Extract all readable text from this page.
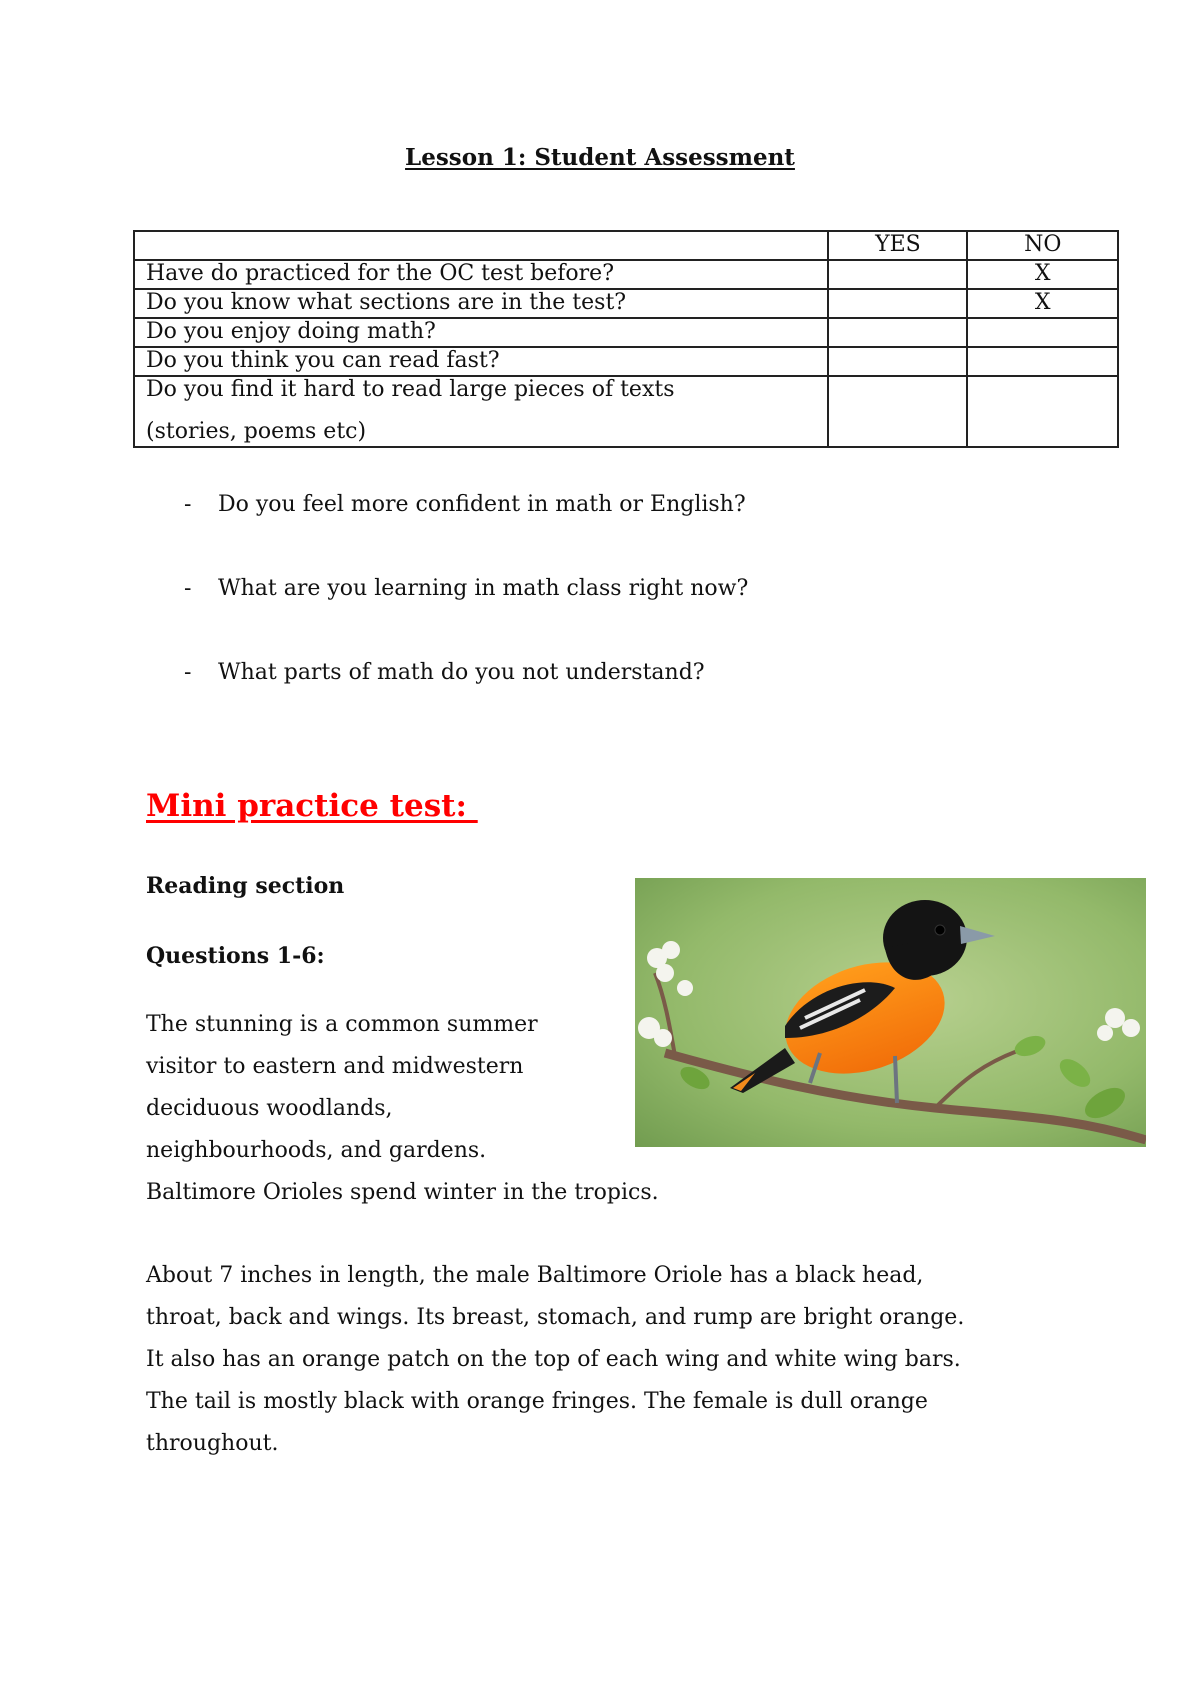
Lesson 1: Student Assessment
	YES	NO
Have do practiced for the OC test before?		X
Do you know what sections are in the test?		X
Do you enjoy doing math?		
Do you think you can read fast?		

Do you find it hard to read large pieces of texts
(stories, poems etc)		

- Do you feel more confident in math or English?
- What are you learning in math class right now?
- What parts of math do you not understand?
Mini practice test:
Reading section
Questions 1-6:
The stunning is a common summer
visitor to eastern and midwestern
deciduous woodlands,
neighbourhoods, and gardens.
Baltimore Orioles spend winter in the tropics.
About 7 inches in length, the male Baltimore Oriole has a black head,
throat, back and wings. Its breast, stomach, and rump are bright orange.
It also has an orange patch on the top of each wing and white wing bars.
The tail is mostly black with orange fringes. The female is dull orange
throughout.
